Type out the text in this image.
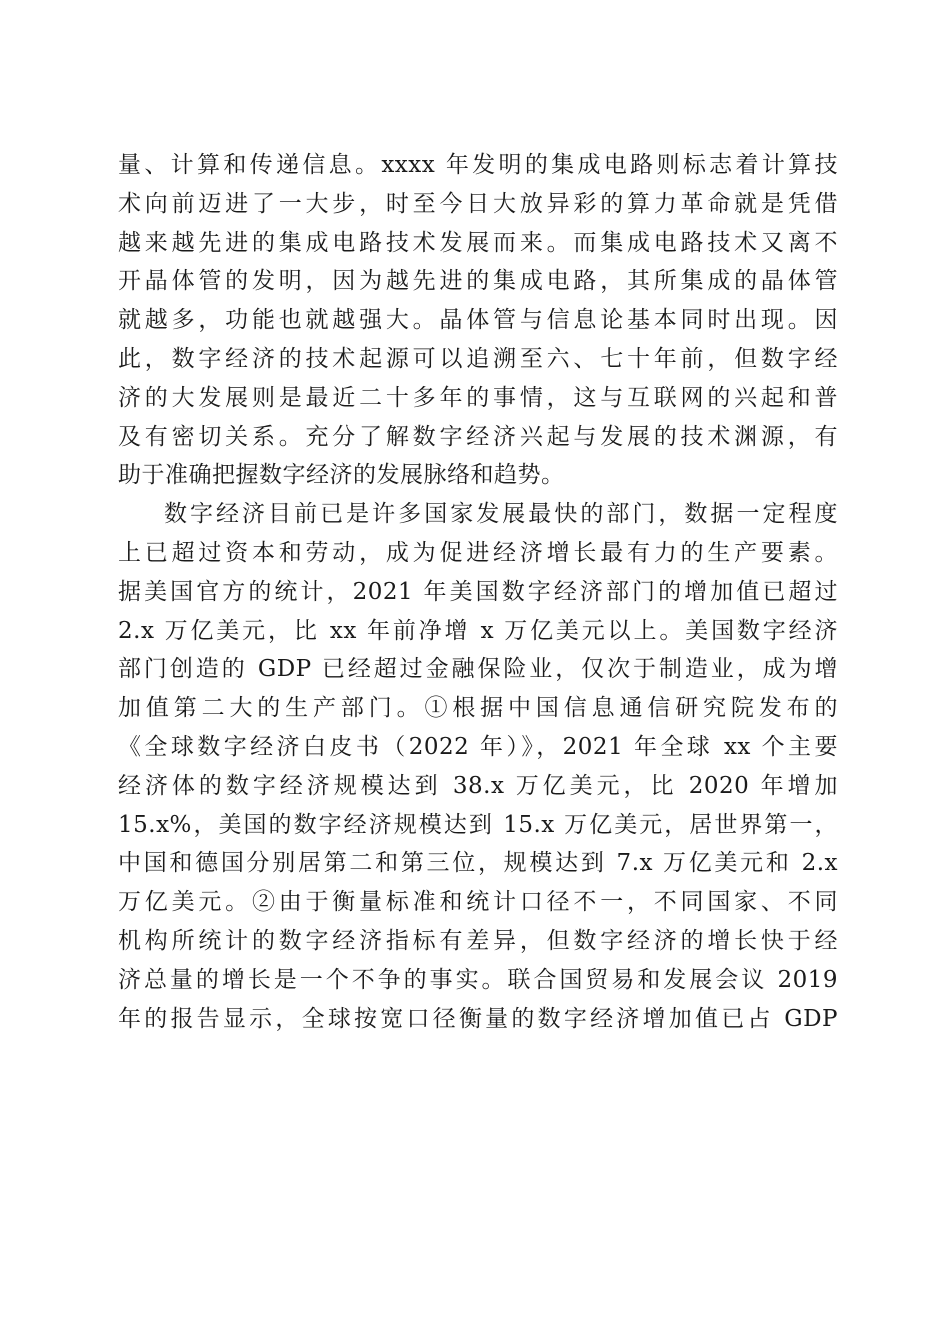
量、计算和传递信息。xxxx 年发明的集成电路则标志着计算技
术向前迈进了一大步，时至今日大放异彩的算力革命就是凭借
越来越先进的集成电路技术发展而来。而集成电路技术又离不
开晶体管的发明，因为越先进的集成电路，其所集成的晶体管
就越多，功能也就越强大。晶体管与信息论基本同时出现。因
此，数字经济的技术起源可以追溯至六、七十年前，但数字经
济的大发展则是最近二十多年的事情，这与互联网的兴起和普
及有密切关系。充分了解数字经济兴起与发展的技术渊源，有
助于准确把握数字经济的发展脉络和趋势。
数字经济目前已是许多国家发展最快的部门，数据一定程度
上已超过资本和劳动，成为促进经济增长最有力的生产要素。
据美国官方的统计，2021 年美国数字经济部门的增加值已超过
2.x 万亿美元，比 xx 年前净增 x 万亿美元以上。美国数字经济
部门创造的 GDP 已经超过金融保险业，仅次于制造业，成为增
加值第二大的生产部门。①根据中国信息通信研究院发布的
《全球数字经济白皮书（2022 年）》，2021 年全球 xx 个主要
经济体的数字经济规模达到 38.x 万亿美元，比 2020 年增加
15.x%，美国的数字经济规模达到 15.x 万亿美元，居世界第一，
中国和德国分别居第二和第三位，规模达到 7.x 万亿美元和 2.x
万亿美元。②由于衡量标准和统计口径不一，不同国家、不同
机构所统计的数字经济指标有差异，但数字经济的增长快于经
济总量的增长是一个不争的事实。联合国贸易和发展会议 2019
年的报告显示，全球按宽口径衡量的数字经济增加值已占 GDP
